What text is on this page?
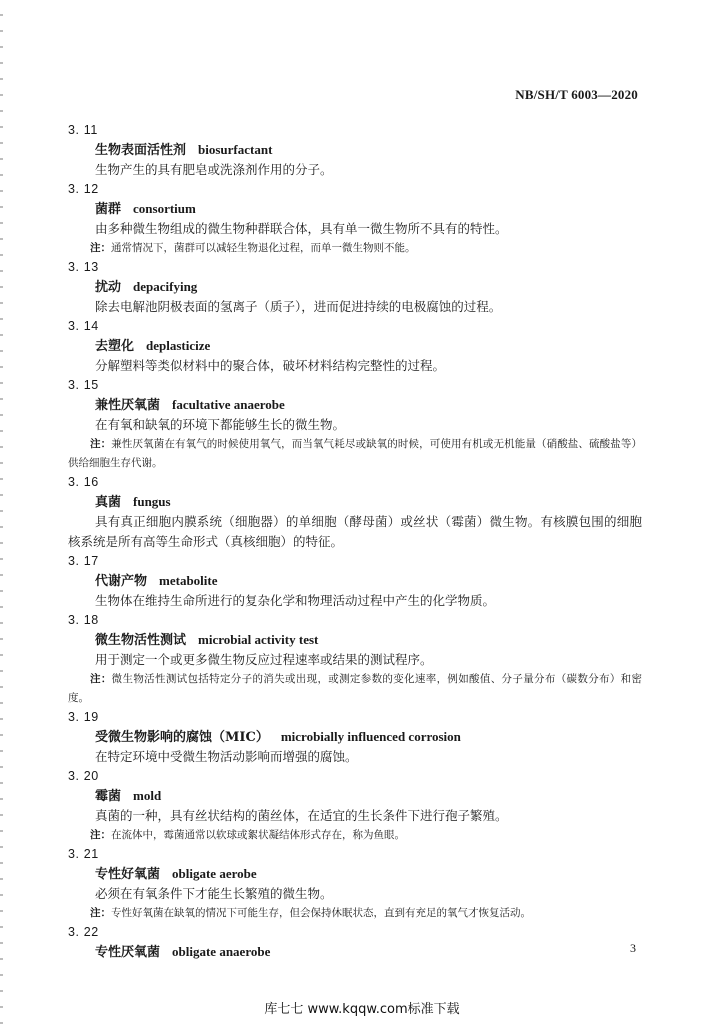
NB/SH/T 6003—2020
3. 11
生物表面活性剂 biosurfactant
生物产生的具有肥皂或洗涤剂作用的分子。
3. 12
菌群 consortium
由多种微生物组成的微生物种群联合体，具有单一微生物所不具有的特性。
注：通常情况下，菌群可以减轻生物退化过程，而单一微生物则不能。
3. 13
扰动 depacifying
除去电解池阴极表面的氢离子（质子），进而促进持续的电极腐蚀的过程。
3. 14
去塑化 deplasticize
分解塑料等类似材料中的聚合体，破坏材料结构完整性的过程。
3. 15
兼性厌氧菌 facultative anaerobe
在有氧和缺氧的环境下都能够生长的微生物。
注：兼性厌氧菌在有氧气的时候使用氧气，而当氧气耗尽或缺氧的时候，可使用有机或无机能量（硝酸盐、硫酸盐等）供给细胞生存代谢。
3. 16
真菌 fungus
具有真正细胞内膜系统（细胞器）的单细胞（酵母菌）或丝状（霉菌）微生物。有核膜包围的细胞核系统是所有高等生命形式（真核细胞）的特征。
3. 17
代谢产物 metabolite
生物体在维持生命所进行的复杂化学和物理活动过程中产生的化学物质。
3. 18
微生物活性测试 microbial activity test
用于测定一个或更多微生物反应过程速率或结果的测试程序。
注：微生物活性测试包括特定分子的消失或出现，或测定参数的变化速率，例如酸值、分子量分布（碳数分布）和密度。
3. 19
受微生物影响的腐蚀（MIC） microbially influenced corrosion
在特定环境中受微生物活动影响而增强的腐蚀。
3. 20
霉菌 mold
真菌的一种，具有丝状结构的菌丝体，在适宜的生长条件下进行孢子繁殖。
注：在流体中，霉菌通常以软球或絮状凝结体形式存在，称为鱼眼。
3. 21
专性好氧菌 obligate aerobe
必须在有氧条件下才能生长繁殖的微生物。
注：专性好氧菌在缺氧的情况下可能生存，但会保持休眠状态，直到有充足的氧气才恢复活动。
3. 22
专性厌氧菌 obligate anaerobe	3
库七七 www.kqqw.com标准下载
